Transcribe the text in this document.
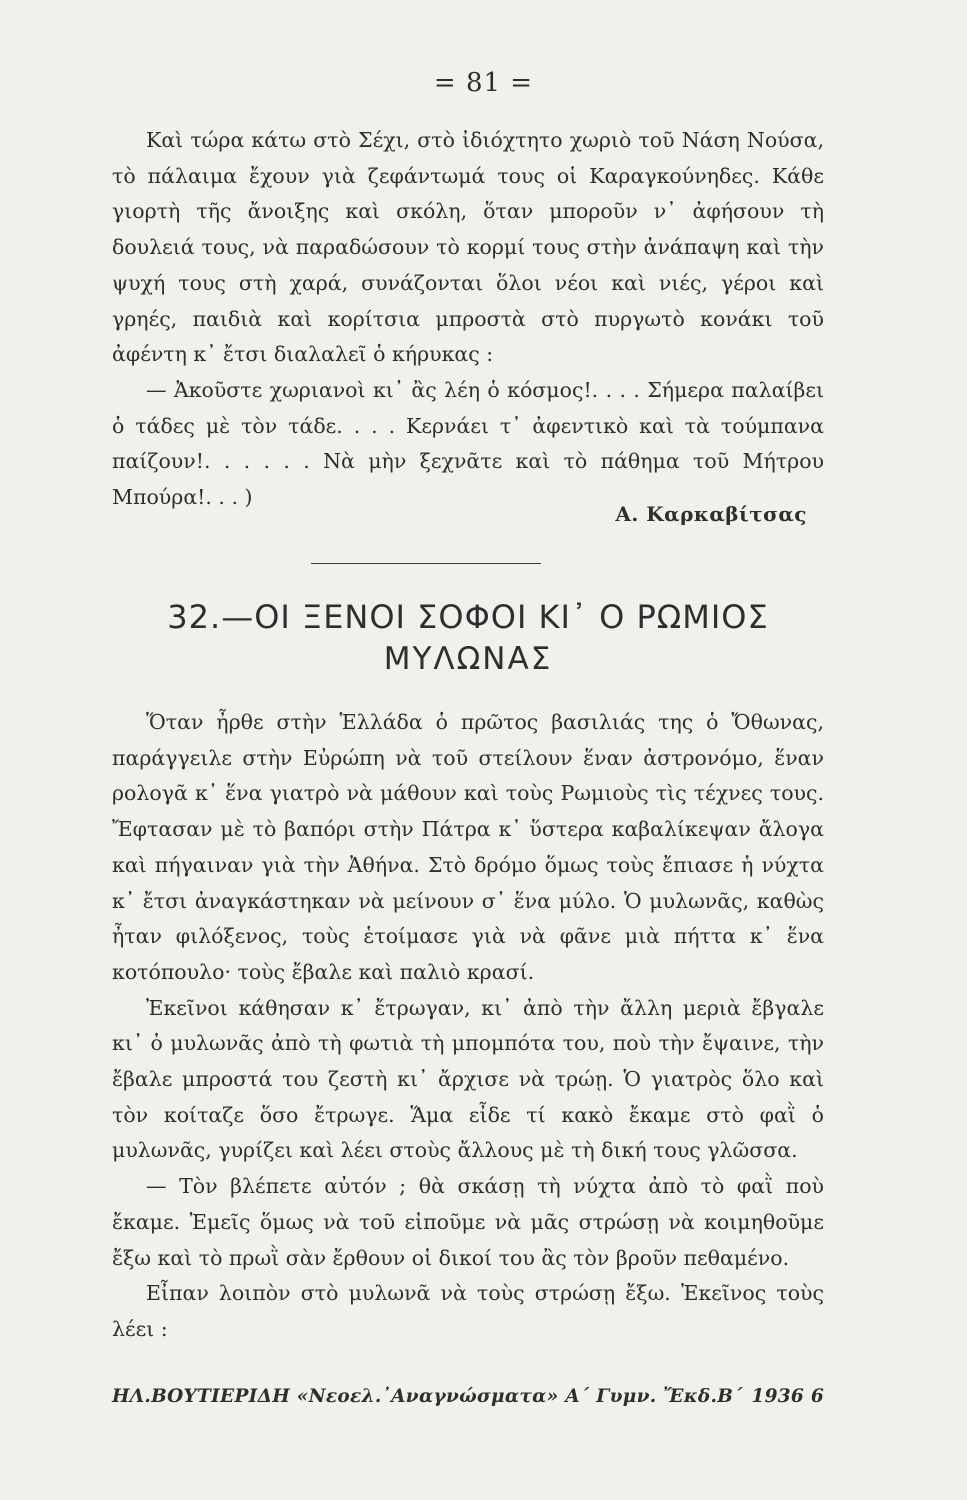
= 81 =

Καὶ τώρα κάτω στὸ Σέχι, στὸ ἰδιόχτητο χωριὸ τοῦ Νάση Νούσα, τὸ πάλαιμα ἔχουν γιὰ ζεφάντωμά τους οἱ Καραγκούνηδες. Κάθε γιορτὴ τῆς ἄνοιξης καὶ σκόλη, ὅταν μποροῦν ν᾿ ἀφήσουν τὴ δουλειά τους, νὰ παραδώσουν τὸ κορμί τους στὴν ἀνάπαψη καὶ τὴν ψυχή τους στὴ χαρά, συνάζονται ὅλοι νέοι καὶ νιές, γέροι καὶ γρηές, παιδιὰ καὶ κορίτσια μπροστὰ στὸ πυργωτὸ κονάκι τοῦ ἀφέντη κ᾿ ἔτσι διαλαλεῖ ὁ κήρυκας :

— Ἀκοῦστε χωριανοὶ κι᾿ ἂς λέη ὁ κόσμος!. . . . Σήμερα παλαίβει ὁ τάδες μὲ τὸν τάδε. . . . Κερνάει τ᾿ ἀφεντικὸ καὶ τὰ τούμπανα παίζουν!. . . . . . Νὰ μὴν ξεχνᾶτε καὶ τὸ πάθημα τοῦ Μήτρου Μπούρα!. . . )

Α. Καρκαβίτσας
32.—ΟΙ ΞΕΝΟΙ ΣΟΦΟΙ ΚΙ᾿ Ο ΡΩΜΙΟΣ
ΜΥΛΩΝΑΣ

Ὅταν ἦρθε στὴν Ἑλλάδα ὁ πρῶτος βασιλιάς της ὁ Ὄθωνας, παράγγειλε στὴν Εὐρώπη νὰ τοῦ στείλουν ἕναν ἀστρονόμο, ἕναν ρολογᾶ κ᾿ ἕνα γιατρὸ νὰ μάθουν καὶ τοὺς Ρωμιοὺς τὶς τέχνες τους. Ἔφτασαν μὲ τὸ βαπόρι στὴν Πάτρα κ᾿ ὕστερα καβαλίκεψαν ἄλογα καὶ πήγαιναν γιὰ τὴν Ἀθήνα. Στὸ δρόμο ὅμως τοὺς ἔπιασε ἡ νύχτα κ᾿ ἔτσι ἀναγκάστηκαν νὰ μείνουν σ᾿ ἕνα μύλο. Ὁ μυλωνᾶς, καθὼς ἦταν φιλόξενος, τοὺς ἑτοίμασε γιὰ νὰ φᾶνε μιὰ πήττα κ᾿ ἕνα κοτόπουλο· τοὺς ἔβαλε καὶ παλιὸ κρασί.

Ἐκεῖνοι κάθησαν κ᾿ ἔτρωγαν, κι᾿ ἀπὸ τὴν ἄλλη μεριὰ ἔβγαλε κι᾿ ὁ μυλωνᾶς ἀπὸ τὴ φωτιὰ τὴ μπομπότα του, ποὺ τὴν ἔψαινε, τὴν ἔβαλε μπροστά του ζεστὴ κι᾿ ἄρχισε νὰ τρώῃ. Ὁ γιατρὸς ὅλο καὶ τὸν κοίταζε ὅσο ἔτρωγε. Ἅμα εἶδε τί κακὸ ἔκαμε στὸ φαῒ ὁ μυλωνᾶς, γυρίζει καὶ λέει στοὺς ἄλλους μὲ τὴ δική τους γλῶσσα.

— Τὸν βλέπετε αὐτόν ; θὰ σκάσῃ τὴ νύχτα ἀπὸ τὸ φαῒ ποὺ ἔκαμε. Ἐμεῖς ὅμως νὰ τοῦ εἰποῦμε νὰ μᾶς στρώσῃ νὰ κοιμηθοῦμε ἔξω καὶ τὸ πρωῒ σὰν ἔρθουν οἱ δικοί του ἂς τὸν βροῦν πεθαμένο.

Εἶπαν λοιπὸν στὸ μυλωνᾶ νὰ τοὺς στρώσῃ ἔξω. Ἐκεῖνος τοὺς λέει :

ΗΛ.ΒΟΥΤΙΕΡΙΔΗ «Νεοελ.᾿Αναγνώσματα» Α´ Γυμν. Ἔκδ.Β´ 1936 6
